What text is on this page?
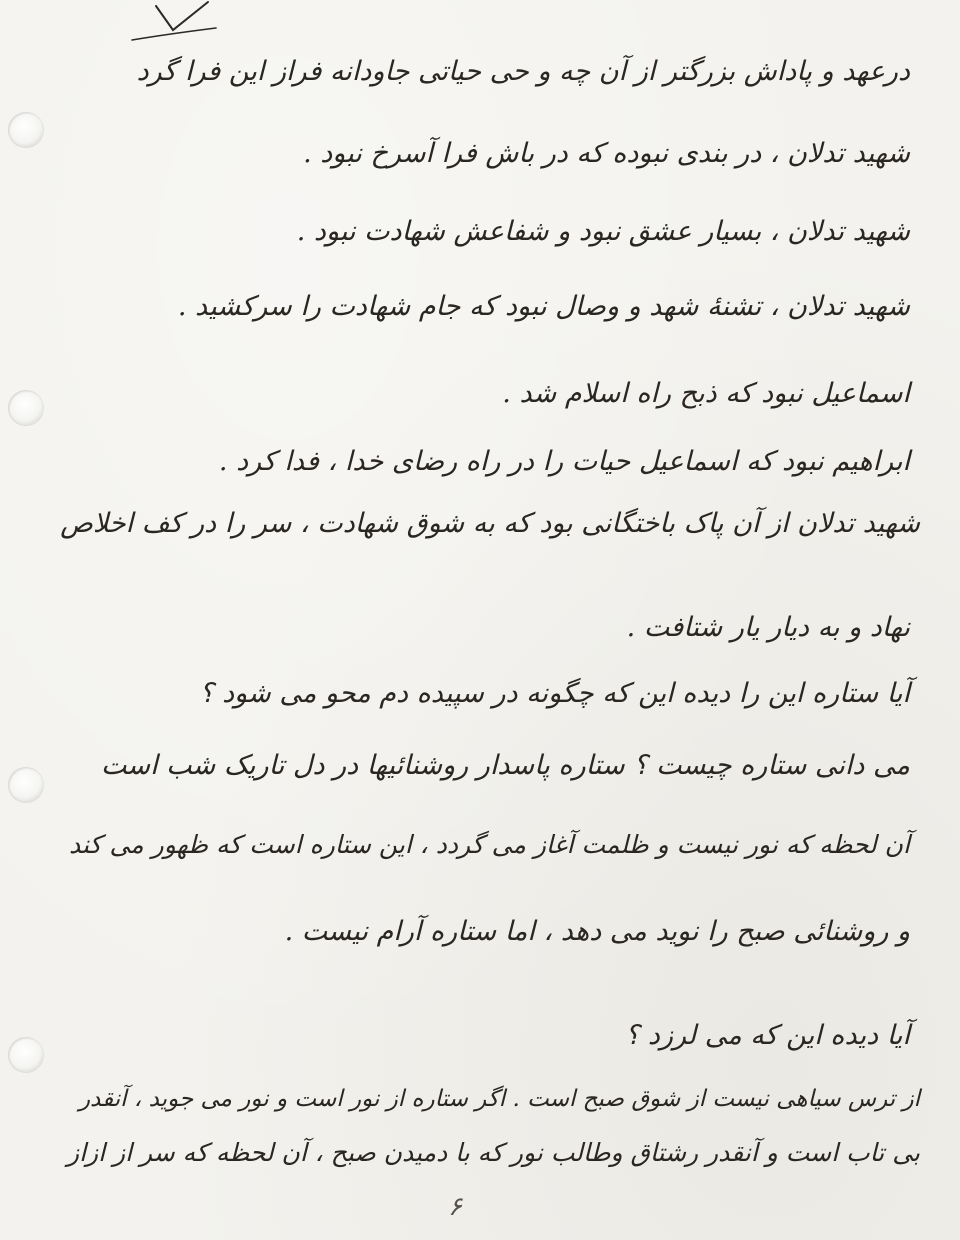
درعهد و پاداش بزرگتر از آن چه و حی حیاتی جاودانه فراز این فرا گرد
شهید تدلان ، در بندی نبوده که در باش فرا آسرخ نبود .
شهید تدلان ، بسیار عشق نبود و شفاعش شهادت نبود .
شهید تدلان ، تشنهٔ شهد و وصال نبود که جام شهادت را سرکشید .
اسماعیل نبود که ذبح راه اسلام شد .
ابراهیم نبود که اسماعیل حیات را در راه رضای خدا ، فدا کرد .
شهید تدلان از آن پاک باختگانی بود که به شوق شهادت ، سر را در کف اخلاص
نهاد و به دیار یار شتافت .
آیا ستاره این را دیده این که چگونه در سپیده دم محو می شود ؟
می دانی ستاره چیست ؟ ستاره پاسدار روشنائیها در دل تاریک شب است
آن لحظه که نور نیست و ظلمت آغاز می گردد ، این ستاره است که ظهور می کند
و روشنائی صبح را نوید می دهد ، اما ستاره آرام نیست .
آیا دیده این که می لرزد ؟
از ترس سیاهی نیست از شوق صبح است . اگر ستاره از نور است و نور می جوید ، آنقدر
بی تاب است و آنقدر رشتاق وطالب نور که با دمیدن صبح ، آن لحظه که سر از ازاز
۶
